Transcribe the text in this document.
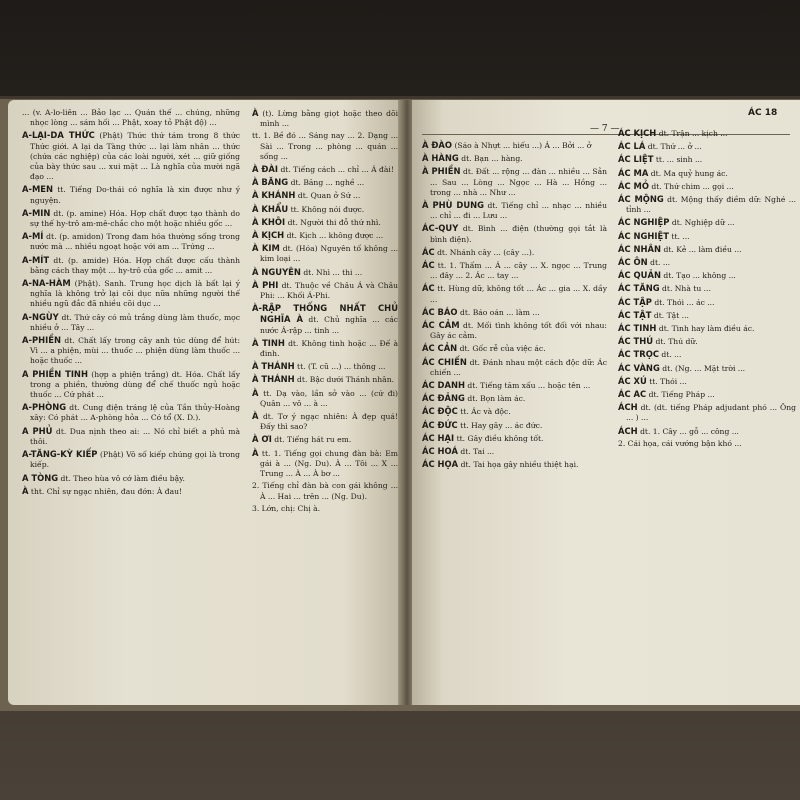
... (v. A-lo-liên ... Bảo lạc ... Quán thế ... chúng, những nhọc lòng ... sám hối ... Phật, xoay tỏ Phật độ) ...

A-LẠI-DA THỨC (Phật) Thức thứ tám trong 8 thức Thức giới. A lại da Tàng thức ... lại làm nhân ... thức (chứa các nghiệp) của các loài người, xét ... giữ giống của bày thức sau ... xui mặt ... Là nghĩa của mười ngã đạo ...

A-MEN tt. Tiếng Do-thái có nghĩa là xin được như ý nguyện.

A-MIN dt. (p. amine) Hóa. Hợp chất được tạo thành do sự thế hy-trô am-mê-chắc cho một hoặc nhiều gốc ...

A-MÍ dt. (p. amidon) Trong đam hóa thường sống trong nước mà ... nhiều ngoạt hoặc với am ... Trứng ...

A-MÍT dt. (p. amide) Hóa. Hợp chất được cấu thành bằng cách thay một ... hy-trô của gốc ... amit ...

A-NA-HÀM (Phật). Sanh. Trung học dịch là bất lại ý nghĩa là không trở lại cõi dục nữa những người thế nhiều ngũ đắc đã nhiều cõi dục ...

A-NGÙY dt. Thứ cây có mủ trắng dùng làm thuốc, mọc nhiều ở ... Tây ...

A-PHIỀN dt. Chất lấy trong cây anh túc dùng để hút: Vì ... a phiện, mùi ... thuốc ... phiện dùng làm thuốc ... hoặc thuốc ...

A PHIỀN TINH (hợp a phiện trắng) dt. Hóa. Chất lấy trong a phiền, thường dùng để chế thuốc ngủ hoặc thuốc ... Cứ phát ...

A-PHÒNG dt. Cung điện tráng lệ của Tần thủy-Hoàng xây: Có phát ... A-phòng hỏa ... Có tổ (X. D.).

A PHỦ dt. Dua nịnh theo ai: ... Nó chỉ biết a phủ mà thôi.

A-TĂNG-KỲ KIẾP (Phật) Vô số kiếp chúng gọi là trong kiếp.

A TÒNG dt. Theo hùa vô cớ làm điều bậy.

À tht. Chỉ sự ngạc nhiên, đau đớn: À đau!

À (t). Lừng bằng giọt hoặc theo dõi mình ...

tt. 1. Bề đó ... Sáng nay ... 2. Dạng ... Sài ... Trong ... phòng ... quán ... sống ...

À ĐÀI dt. Tiếng cách ... chỉ ... Á đài!

À BĂNG dt. Băng ... nghề ...

À KHÁNH dt. Quan ở Sứ ...

À KHẨU tt. Không nói được.

À KHÔI dt. Người thi đỗ thứ nhì.

À KỊCH dt. Kịch ... không được ...

À KIM dt. (Hóa) Nguyên tố không ... kim loại ...

À NGUYÊN dt. Nhì ... thi ...

À PHI dt. Thuộc về Châu Á và Châu Phi: ... Khối Á-Phi.

À-RẬP THỐNG NHẤT CHỦ NGHĨA À dt. Chủ nghĩa ... các nước Á-rập ... tinh ...

À TINH dt. Không tinh hoặc ... Đế à đinh.

À THÁNH tt. (T. cũ ...) ... thông ...

À THÁNH dt. Bậc dưới Thánh nhân.

À tt. Dạ vào, lần sở vào ... (cứ đi) Quân ... vô ... à ...

À dt. Tơ ý ngạc nhiên: À đẹp quá! Đấy thì sao?

À ƠI dt. Tiếng hát ru em.

À tt. 1. Tiếng gọi chung đàn bà: Em gái à ... (Ng. Du). À ... Tôi ... X ... Trung ... À ... À bơ ...

2. Tiếng chỉ đàn bà con gái không ... À ... Hai ... trên ... (Ng. Du).

3. Lớn, chị: Chị à.

— 7 —
ÁC 18

À ĐÀO (Sáo à Nhựt ... hiếu ...) Á ... Bởi ... ở

À HÀNG dt. Bạn ... hàng.

À PHIỀN dt. Đất ... rộng ... đàn ... nhiều ... Sản ... Sau ... Lòng ... Ngọc ... Hà ... Hồng ... trong ... nhà ... Như ...

À PHÙ DUNG dt. Tiếng chỉ ... nhạc ... nhiều ... chỉ ... đi ... Lưu ...

ÁC-QUY dt. Bình ... điện (thường gọi tắt là bình điện).

ÁC dt. Nhánh cây ... (cây ...).

ÁC tt. 1. Thấm ... Á ... cây ... X. ngọc ... Trung ... đây ... 2. Ác ... tay ...

ÁC tt. Hùng dữ, không tốt ... Ác ... gia ... X. dầy ...

ÁC BÁO dt. Báo oán ... làm ...

ÁC CẢM dt. Mối tình không tốt đối với nhau: Gây ác cảm.

ÁC CẢN dt. Gốc rễ của việc ác.

ÁC CHIẾN dt. Đánh nhau một cách độc dữ: Ác chiến ...

ÁC DANH dt. Tiếng tăm xấu ... hoặc tên ...

ÁC ĐẢNG dt. Bọn làm ác.

ÁC ĐỘC tt. Ác và độc.

ÁC ĐỨC tt. Hay gây ... ác đức.

ÁC HẠI tt. Gây điều không tốt.

ÁC HOÁ dt. Tai ...

ÁC HỌA dt. Tai họa gây nhiều thiệt hại.

ÁC KỊCH dt. Trận ... kịch ...

ÁC LÁ dt. Thứ ... ở ...

ÁC LIỆT tt. ... sinh ...

ÁC MA dt. Ma quỷ hung ác.

ÁC MỎ dt. Thứ chim ... gọi ...

ÁC MỘNG dt. Mộng thấy điềm dữ: Nghé ... tỉnh ...

ÁC NGHIỆP dt. Nghiệp dữ ...

ÁC NGHIỆT tt. ...

ÁC NHÂN dt. Kẻ ... làm điều ...

ÁC ÔN dt. ...

ÁC QUẢN dt. Tạo ... không ...

ÁC TĂNG dt. Nhà tu ...

ÁC TẬP dt. Thói ... ác ...

ÁC TẬT dt. Tật ...

ÁC TINH dt. Tinh hay làm điều ác.

ÁC THÚ dt. Thú dữ.

ÁC TRỌC dt. ...

ÁC VÀNG dt. (Ng. ... Mặt trời ...

ÁC XÚ tt. Thói ...

ÁC AC dt. Tiếng Pháp ...

ÁCH dt. (dt. tiếng Pháp adjudant phó ... Ông ... ) ...

ÁCH dt. 1. Cây ... gỗ ... công ...

2. Cái họa, cái vướng bận khó ...
